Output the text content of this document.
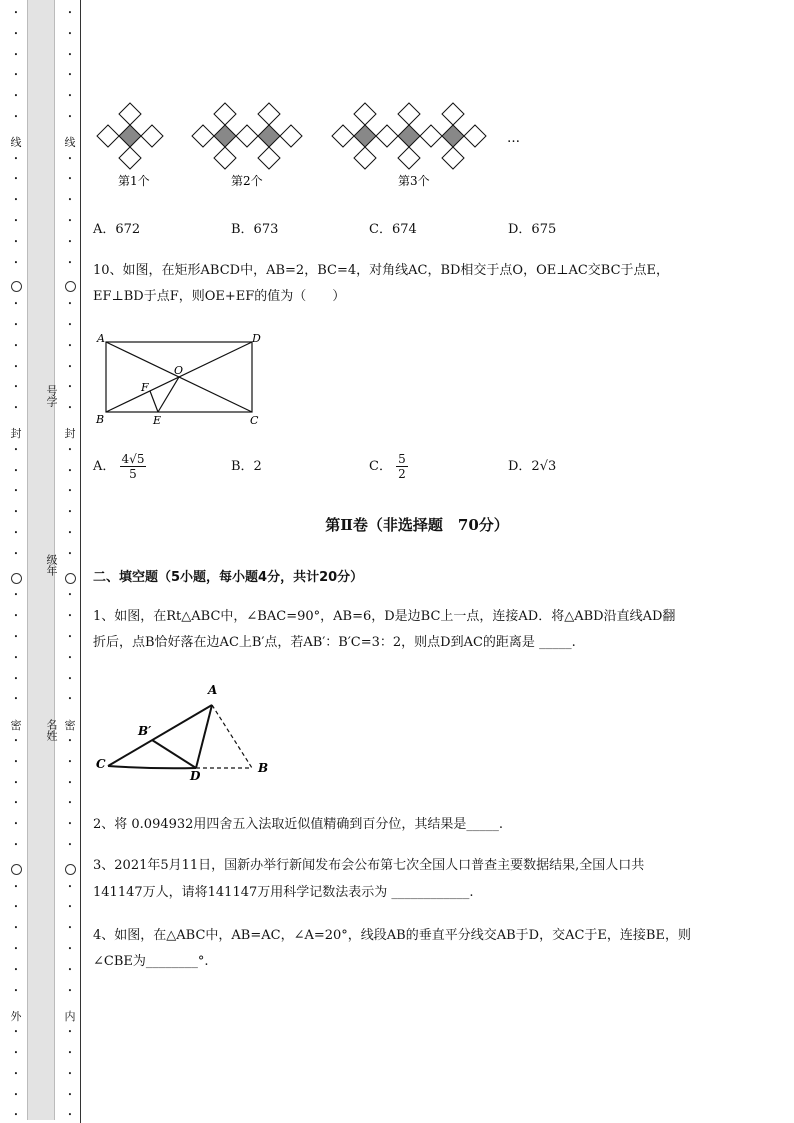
•
•
•
•
•
•
•
•
•
•
•
•
•
•
•
•
•
•
•
•
•
•
•
•
•
•
•
•
•
•
•
•
•
•
•
•
•
•
•
•
•
•
•
•
•
•
•
•
•
•
•
•
•
•
•
•
•
•
•
•
•
•
•
•
•
•
•
•
•
•
•
•
•
•
•
•
•
•
•
•
•
•
•
•
•
•
•
•
•
•
•
•
•
•
线
封
密
外
线
封
密
内
号学
级年
名姓
第1个	第2个	第3个
…
A．672	B．673	C．674	D．675
10、如图，在矩形ABCD中，AB=2，BC=4，对角线AC，BD相交于点O，OE⊥AC交BC于点E，
EF⊥BD于点F，则OE+EF的值为（　　）
A	D
O
F
B	E	C
A． $\frac{4√5}{5}$	B．2	C． $\frac{5}{2}$	D．2√3
第Ⅱ卷（非选择题　70分）
二、填空题（5小题，每小题4分，共计20分）
1、如图，在Rt△ABC中，∠BAC=90°，AB=6，D是边BC上一点，连接AD．将△ABD沿直线AD翻
折后，点B恰好落在边AC上B′点，若AB′：B′C=3：2，则点D到AC的距离是 _____.
A
B′
C
D
B
2、将 0.094932用四舍五入法取近似值精确到百分位，其结果是_____.
3、2021年5月11日，国新办举行新闻发布会公布第七次全国人口普查主要数据结果,全国人口共
141147万人，请将141147万用科学记数法表示为 ____________.
4、如图，在△ABC中，AB=AC，∠A=20°，线段AB的垂直平分线交AB于D，交AC于E，连接BE，则
∠CBE为________°.
